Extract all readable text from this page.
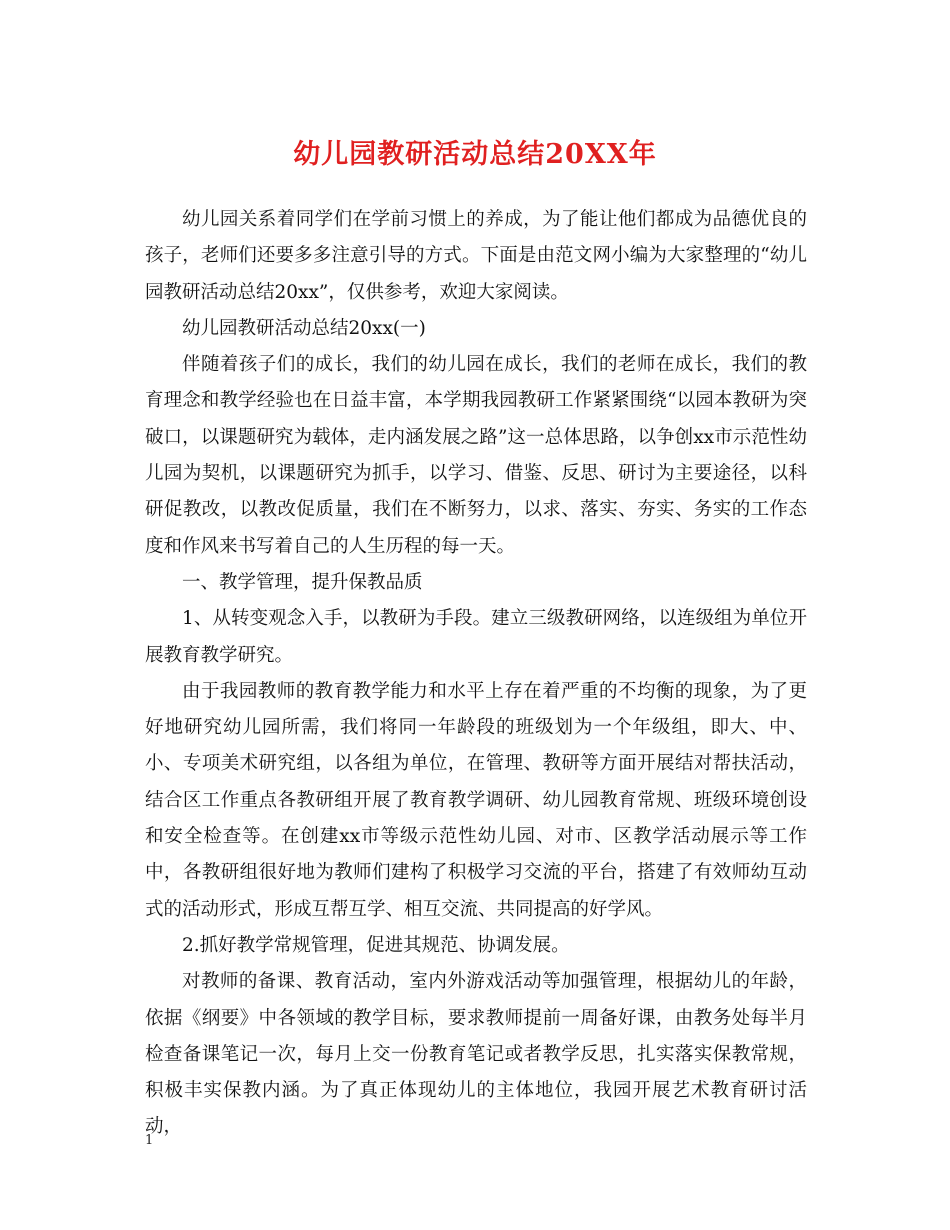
幼儿园教研活动总结20XX年

幼儿园关系着同学们在学前习惯上的养成，为了能让他们都成为品德优良的孩子，老师们还要多多注意引导的方式。下面是由范文网小编为大家整理的“幼儿园教研活动总结20xx”，仅供参考，欢迎大家阅读。

幼儿园教研活动总结20xx(一)

伴随着孩子们的成长，我们的幼儿园在成长，我们的老师在成长，我们的教育理念和教学经验也在日益丰富，本学期我园教研工作紧紧围绕“以园本教研为突破口，以课题研究为载体，走内涵发展之路”这一总体思路，以争创xx市示范性幼儿园为契机，以课题研究为抓手，以学习、借鉴、反思、研讨为主要途径，以科研促教改，以教改促质量，我们在不断努力，以求、落实、夯实、务实的工作态度和作风来书写着自己的人生历程的每一天。

一、教学管理，提升保教品质

1、从转变观念入手，以教研为手段。建立三级教研网络，以连级组为单位开展教育教学研究。

由于我园教师的教育教学能力和水平上存在着严重的不均衡的现象，为了更好地研究幼儿园所需，我们将同一年龄段的班级划为一个年级组，即大、中、小、专项美术研究组，以各组为单位，在管理、教研等方面开展结对帮扶活动，结合区工作重点各教研组开展了教育教学调研、幼儿园教育常规、班级环境创设和安全检查等。在创建xx市等级示范性幼儿园、对市、区教学活动展示等工作中，各教研组很好地为教师们建构了积极学习交流的平台，搭建了有效师幼互动式的活动形式，形成互帮互学、相互交流、共同提高的好学风。

2.抓好教学常规管理，促进其规范、协调发展。

对教师的备课、教育活动，室内外游戏活动等加强管理，根据幼儿的年龄，依据《纲要》中各领域的教学目标，要求教师提前一周备好课，由教务处每半月检查备课笔记一次，每月上交一份教育笔记或者教学反思，扎实落实保教常规，积极丰实保教内涵。为了真正体现幼儿的主体地位，我园开展艺术教育研讨活动，

1
